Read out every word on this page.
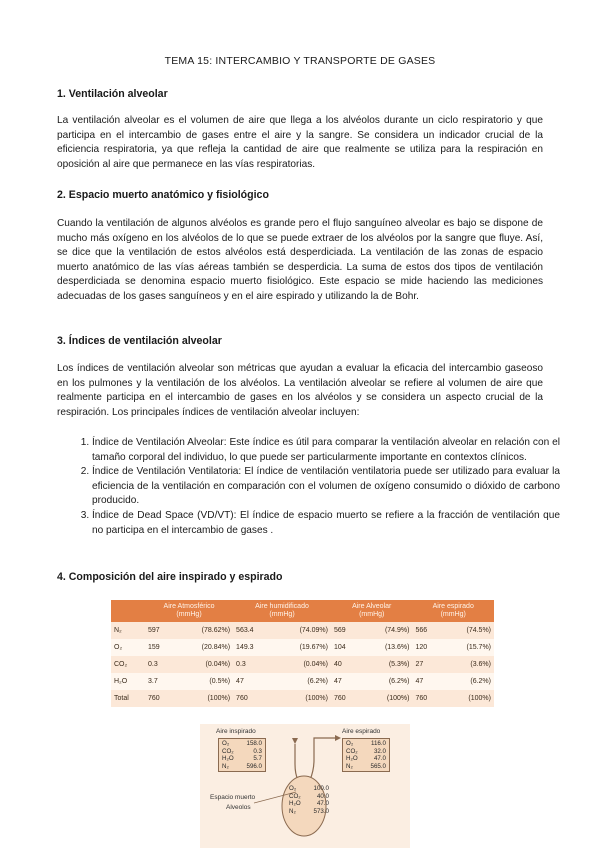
TEMA 15: INTERCAMBIO Y TRANSPORTE DE GASES
1. Ventilación alveolar

La ventilación alveolar es el volumen de aire que llega a los alvéolos durante un ciclo respiratorio y que participa en el intercambio de gases entre el aire y la sangre. Se considera un indicador crucial de la eficiencia respiratoria, ya que refleja la cantidad de aire que realmente se utiliza para la respiración en oposición al aire que permanece en las vías respiratorias.

2. Espacio muerto anatómico y fisiológico

Cuando la ventilación de algunos alvéolos es grande pero el flujo sanguíneo alveolar es bajo se dispone de mucho más oxígeno en los alvéolos de lo que se puede extraer de los alvéolos por la sangre que fluye. Así, se dice que la ventilación de estos alvéolos está desperdiciada. La ventilación de las zonas de espacio muerto anatómico de las vías aéreas también se desperdicia. La suma de estos dos tipos de ventilación desperdiciada se denomina espacio muerto fisiológico. Este espacio se mide haciendo las mediciones adecuadas de los gases sanguíneos y en el aire espirado y utilizando la de Bohr.

3. Índices de ventilación alveolar

Los índices de ventilación alveolar son métricas que ayudan a evaluar la eficacia del intercambio gaseoso en los pulmones y la ventilación de los alvéolos. La ventilación alveolar se refiere al volumen de aire que realmente participa en el intercambio de gases en los alvéolos y se considera un aspecto crucial de la respiración. Los principales índices de ventilación alveolar incluyen:

1. Índice de Ventilación Alveolar: Este índice es útil para comparar la ventilación alveolar en relación con el tamaño corporal del individuo, lo que puede ser particularmente importante en contextos clínicos.
2. Índice de Ventilación Ventilatoria: El índice de ventilación ventilatoria puede ser utilizado para evaluar la eficiencia de la ventilación en comparación con el volumen de oxígeno consumido o dióxido de carbono producido.
3. Índice de Dead Space (VD/VT): El índice de espacio muerto se refiere a la fracción de ventilación que no participa en el intercambio de gases .
4. Composición del aire inspirado y espirado
	Aire Atmosférico
(mmHg)		Aire humidificado
(mmHg)		Aire Alveolar
(mmHg)		Aire espirado
(mmHg)	
N₂	597	(78.62%)	563.4	(74.09%)	569	(74.9%)	566	(74.5%)
O₂	159	(20.84%)	149.3	(19.67%)	104	(13.6%)	120	(15.7%)
CO₂	0.3	(0.04%)	0.3	(0.04%)	40	(5.3%)	27	(3.6%)
H₂O	3.7	(0.5%)	47	(6.2%)	47	(6.2%)	47	(6.2%)
Total	760	(100%)	760	(100%)	760	(100%)	760	(100%)
Aire inspirado	Aire espirado
Espacio muerto
Alveolos
O₂	158.0
CO₂	0.3
H₂O	5.7
N₂	596.0
O₂	116.0
CO₂	32.0
H₂O	47.0
N₂	565.0
O₂	100.0
CO₂	40.0
H₂O	47.0
N₂	573.0
